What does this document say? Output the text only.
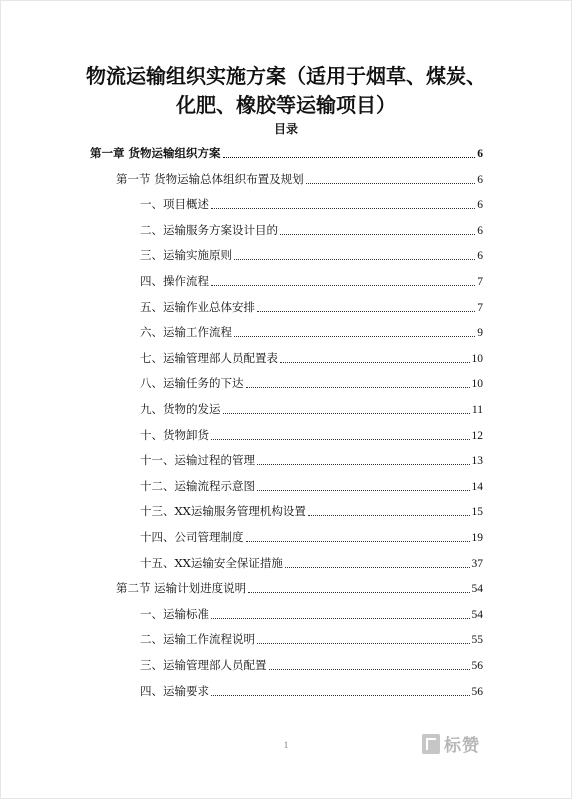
物流运输组织实施方案（适用于烟草、煤炭、
化肥、橡胶等运输项目）
目录
第一章 货物运输组织方案	6
第一节 货物运输总体组织布置及规划	6
一、项目概述	6
二、运输服务方案设计目的	6
三、运输实施原则	6
四、操作流程	7
五、运输作业总体安排	7
六、运输工作流程	9
七、运输管理部人员配置表	10
八、运输任务的下达	10
九、货物的发运	11
十、货物卸货	12
十一、运输过程的管理	13
十二、运输流程示意图	14
十三、XX运输服务管理机构设置	15
十四、公司管理制度	19
十五、XX运输安全保证措施	37
第二节 运输计划进度说明	54
一、运输标准	54
二、运输工作流程说明	55
三、运输管理部人员配置	56
四、运输要求	56
1	标赞
